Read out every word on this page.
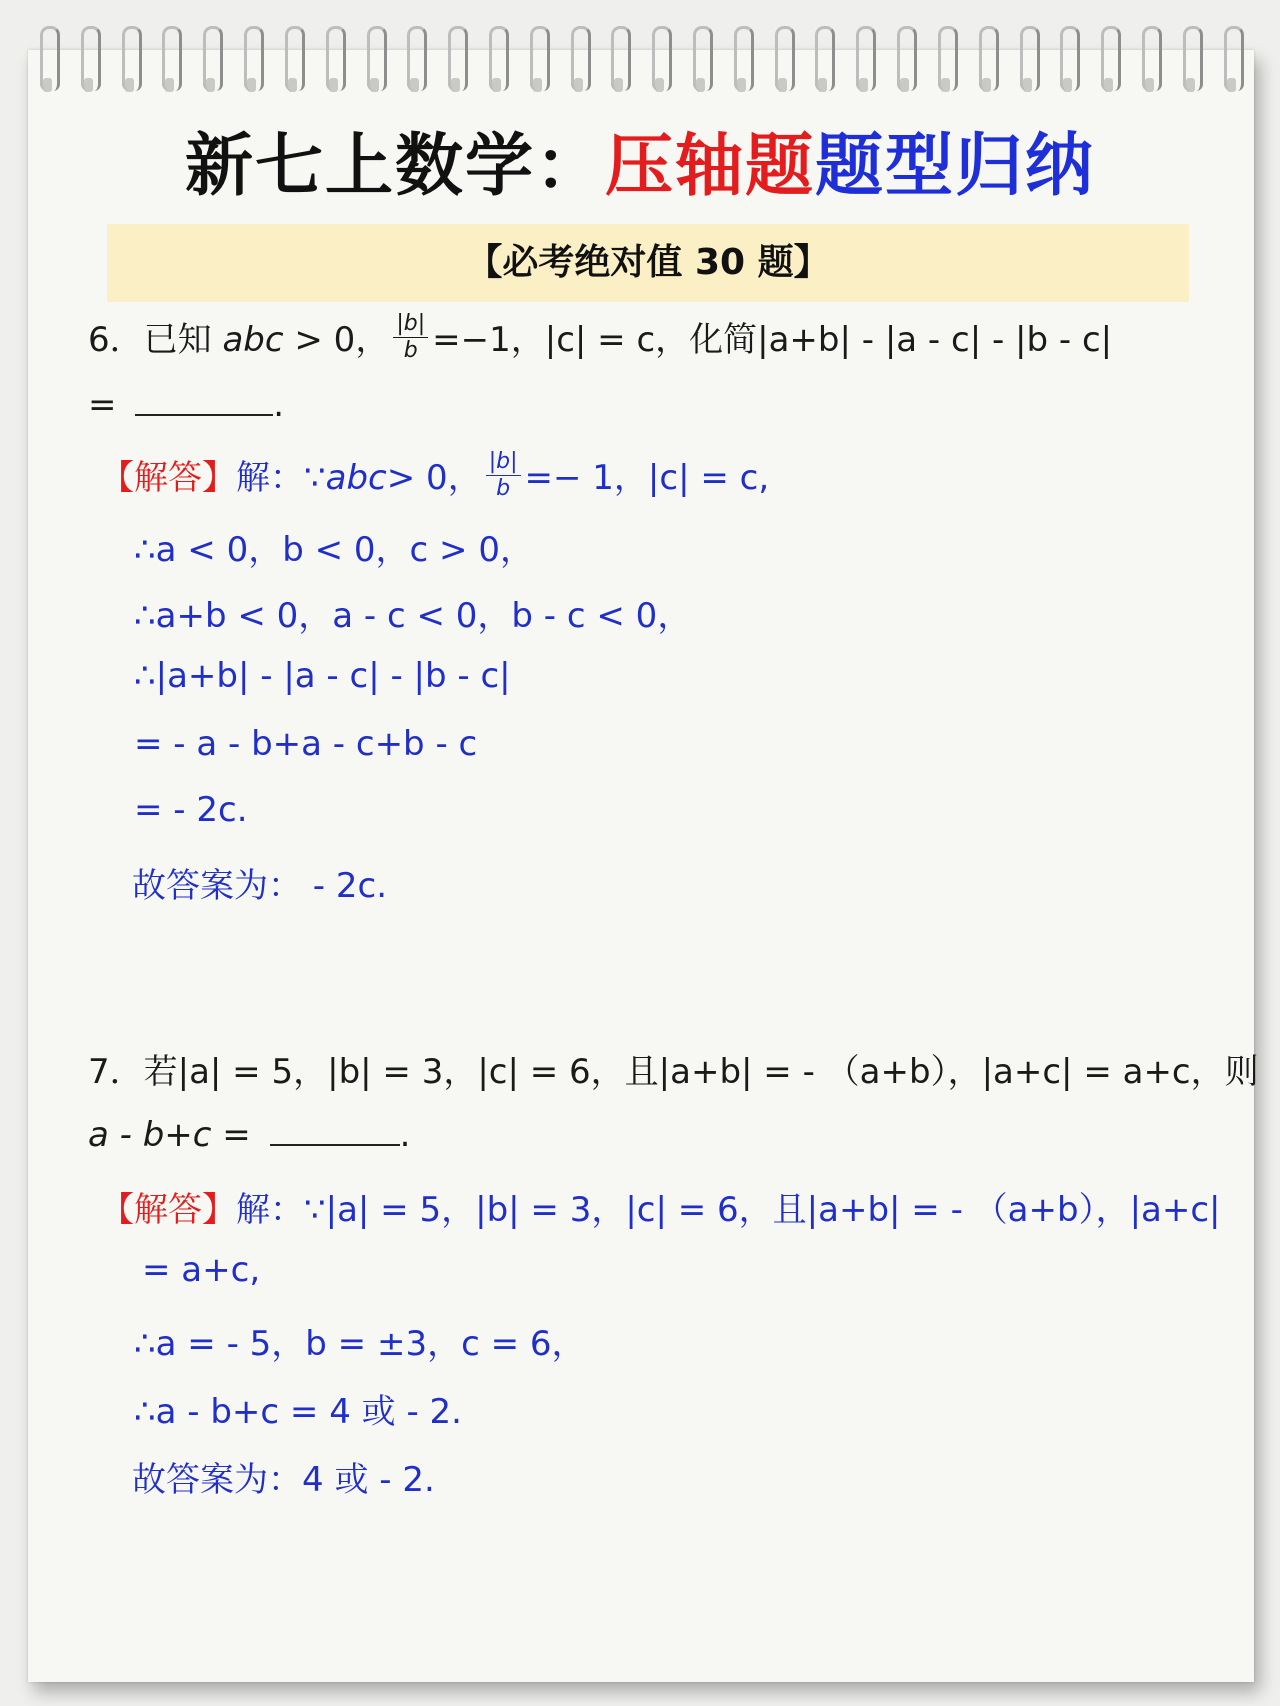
新七上数学：压轴题题型归纳
【必考绝对值 30 题】
6．已知 abc > 0， $\frac{|b|}{b} =-1$，|c| = c，化简|a+b| - |a - c| - |b - c|
=	.
【解答】解：∵abc> 0， $\frac{|b|}{b} =- 1$，|c| = c,
∴a < 0，b < 0，c > 0，
∴a+b < 0，a - c < 0，b - c < 0，
∴|a+b| - |a - c| - |b - c|
= - a - b+a - c+b - c
= - 2c.
故答案为： - 2c.
7．若|a| = 5，|b| = 3，|c| = 6，且|a+b| = - （a+b），|a+c| = a+c，则
a - b+c =	.
【解答】解：∵|a| = 5，|b| = 3，|c| = 6，且|a+b| = - （a+b），|a+c|
= a+c,
∴a = - 5，b = ±3，c = 6，
∴a - b+c = 4 或 - 2.
故答案为：4 或 - 2.
